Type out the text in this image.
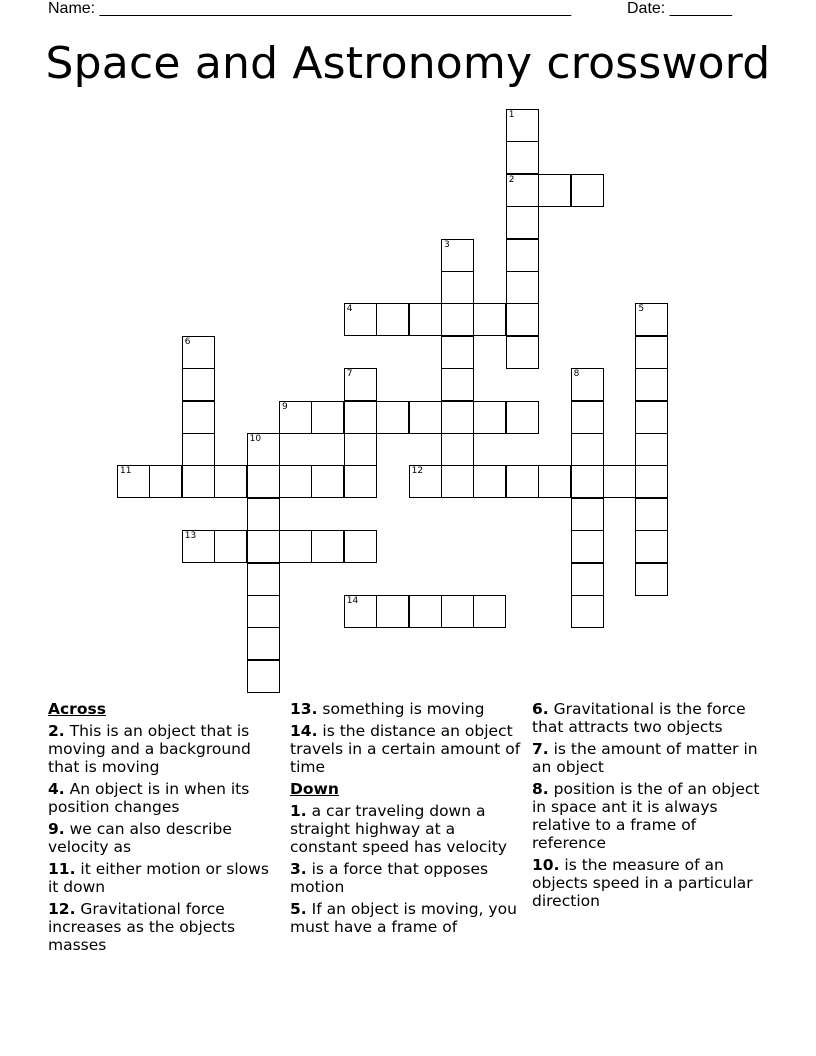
Name: _____________________________________________________	Date: _______
Space and Astronomy crossword
1
2
3
4	5
6
7	8
9
10
11	12
13
14
Across
2. This is an object that is moving and a background that is moving
4. An object is in when its position changes
9. we can also describe velocity as
11. it either motion or slows it down
12. Gravitational force increases as the objects masses
13. something is moving
14. is the distance an object travels in a certain amount of time
Down
1. a car traveling down a straight highway at a constant speed has velocity
3. is a force that opposes motion
5. If an object is moving, you must have a frame of
6. Gravitational is the force that attracts two objects
7. is the amount of matter in an object
8. position is the of an object in space ant it is always relative to a frame of reference
10. is the measure of an objects speed in a particular direction
